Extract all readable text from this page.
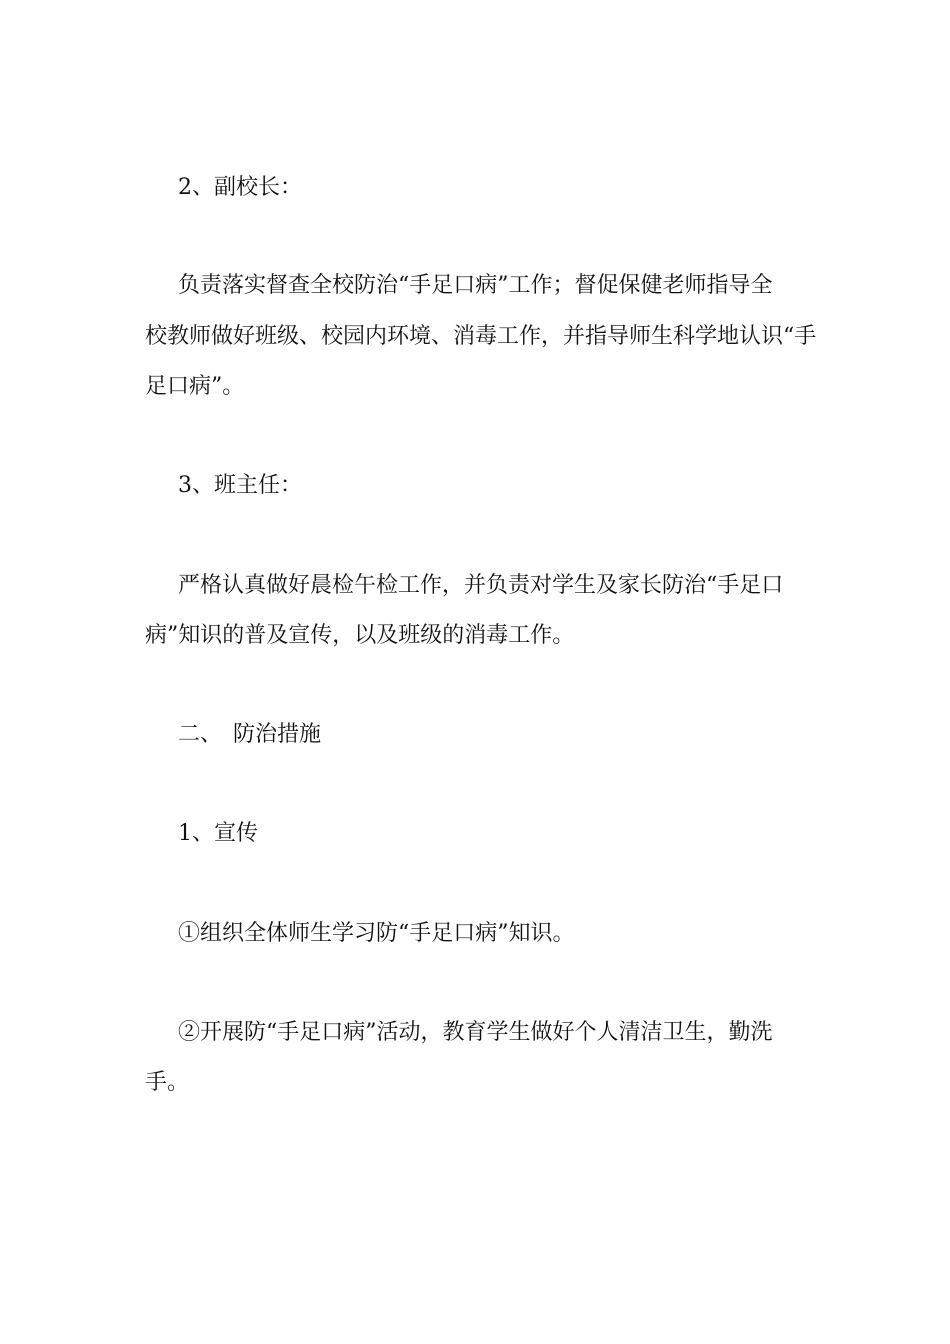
2、副校长：

负责落实督查全校防治“手足口病”工作；督促保健老师指导全

校教师做好班级、校园内环境、消毒工作，并指导师生科学地认识“手

足口病”。

3、班主任：

严格认真做好晨检午检工作，并负责对学生及家长防治“手足口

病”知识的普及宣传，以及班级的消毒工作。

二、　防治措施

1、宣传

①组织全体师生学习防“手足口病”知识。

②开展防“手足口病”活动，教育学生做好个人清洁卫生，勤洗

手。
